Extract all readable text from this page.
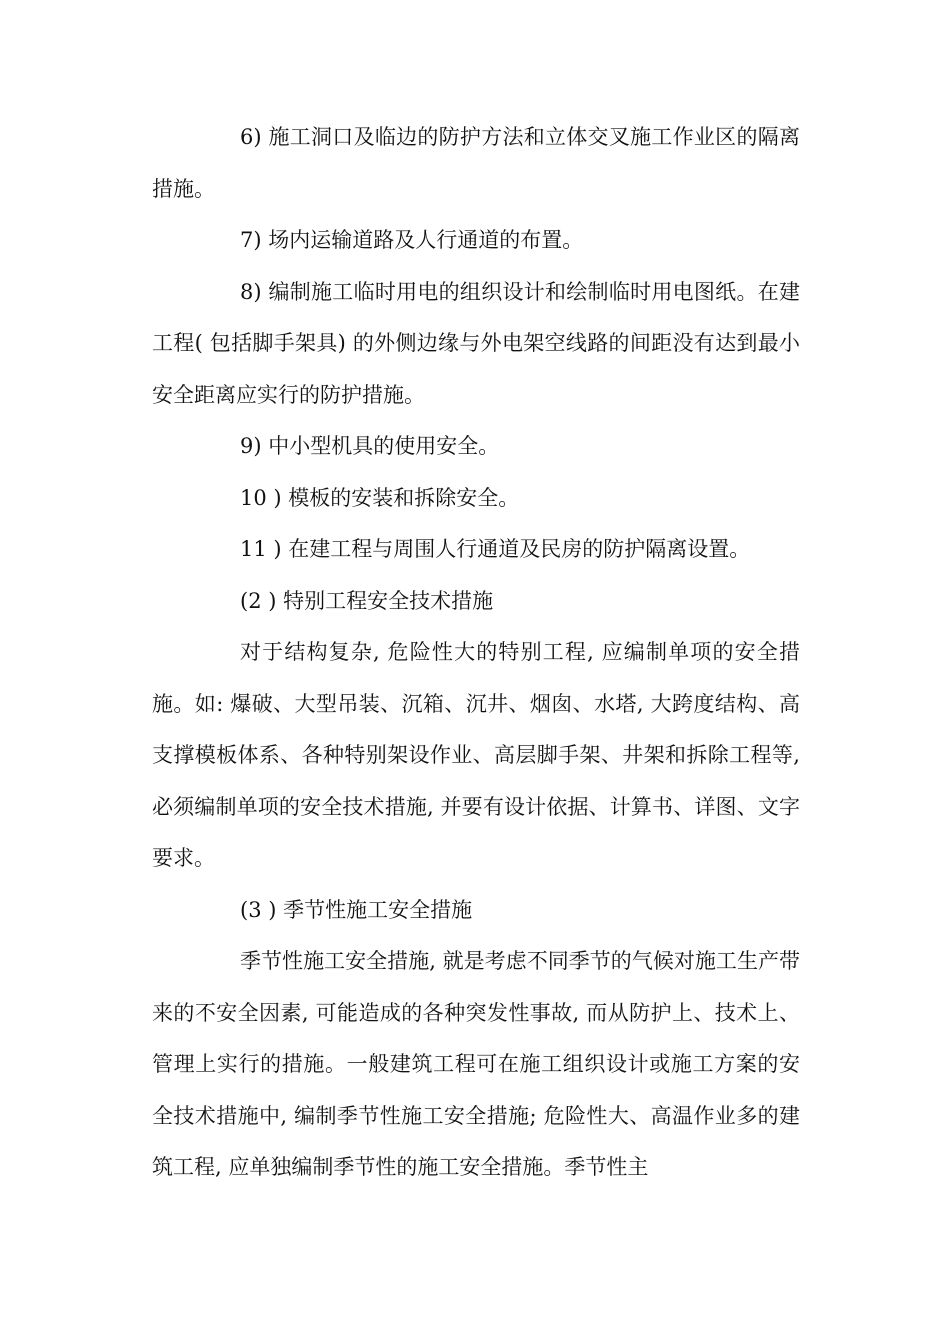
6) 施工洞口及临边的防护方法和立体交叉施工作业区的隔离措施。

7) 场内运输道路及人行通道的布置。

8) 编制施工临时用电的组织设计和绘制临时用电图纸。在建工程( 包括脚手架具) 的外侧边缘与外电架空线路的间距没有达到最小安全距离应实行的防护措施。

9) 中小型机具的使用安全。

10 ) 模板的安装和拆除安全。

11 ) 在建工程与周围人行通道及民房的防护隔离设置。

(2 ) 特别工程安全技术措施

对于结构复杂, 危险性大的特别工程, 应编制单项的安全措施。如: 爆破、大型吊装、沉箱、沉井、烟囱、水塔, 大跨度结构、高支撑模板体系、各种特别架设作业、高层脚手架、井架和拆除工程等, 必须编制单项的安全技术措施, 并要有设计依据、计算书、详图、文字要求。

(3 ) 季节性施工安全措施

季节性施工安全措施, 就是考虑不同季节的气候对施工生产带来的不安全因素, 可能造成的各种突发性事故, 而从防护上、技术上、管理上实行的措施。一般建筑工程可在施工组织设计或施工方案的安全技术措施中, 编制季节性施工安全措施; 危险性大、高温作业多的建筑工程, 应单独编制季节性的施工安全措施。季节性主
